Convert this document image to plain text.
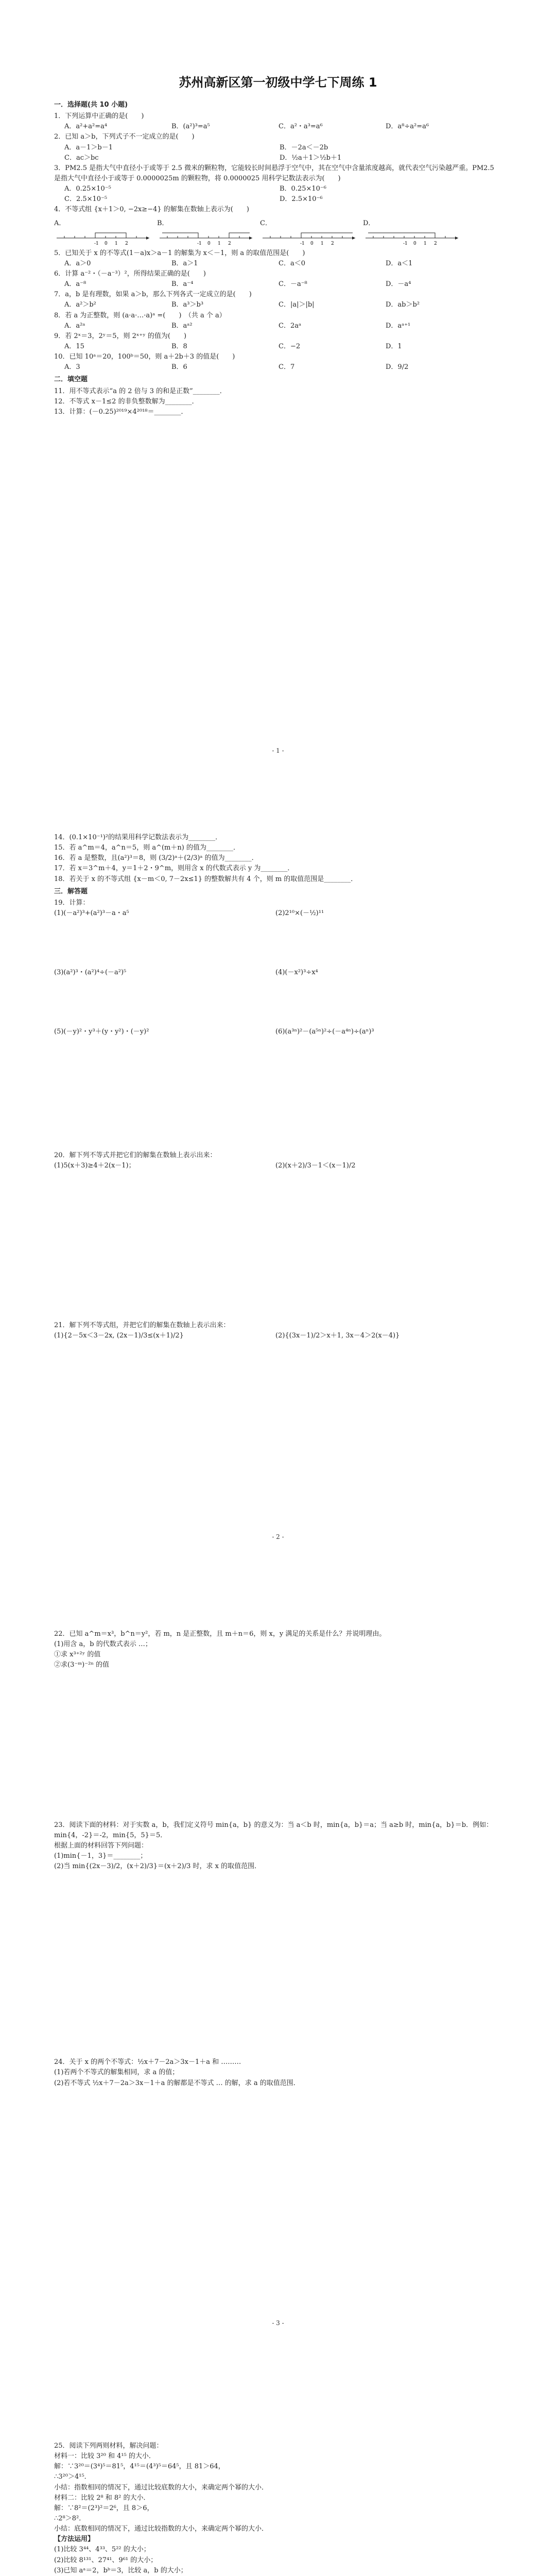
苏州高新区第一初级中学七下周练 1
一．选择题(共 10 小题)

1．下列运算中正确的是(　　)

A．a²+a²=a⁴	B．(a²)³=a⁵	C．a²・a³=a⁶	D．a⁸÷a²=a⁶

2．已知 a＞b，下列式子不一定成立的是(　　)

A．a－1＞b－1	B．－2a＜－2b
C．ac＞bc	D．½a＋1＞½b＋1

3．PM2.5 是指大气中直径小于或等于 2.5 微米的颗粒物，它能较长时间悬浮于空气中，其在空气中含量浓度越高，就代表空气污染越严重。PM2.5 是指大气中直径小于或等于 0.0000025m 的颗粒物，将 0.0000025 用科学记数法表示为(　　)

A．0.25×10⁻⁵	B．0.25×10⁻⁶
C．2.5×10⁻⁵	D．2.5×10⁻⁶

4．不等式组 {x＋1＞0, −2x≥−4} 的解集在数轴上表示为(　　)

A．
-1 0 1 2
B．
-1 0 1 2
C．
-1 0 1 2
D．
-1 0 1 2

5．已知关于 x 的不等式(1－a)x＞a－1 的解集为 x＜－1，则 a 的取值范围是(　　)

A．a＞0	B．a＞1	C．a＜0	D．a＜1

6．计算 a⁻²・（－a⁻³）²，所得结果正确的是(　　)

A．a⁻⁸	B．a⁻⁴	C．－a⁻⁸	D．－a⁴

7．a，b 是有理数，如果 a＞b，那么下列各式一定成立的是(　　)

A．a²＞b²	B．a³＞b³	C．|a|＞|b|	D．ab＞b²

8．若 a 为正整数，则 (a·a·…·a)ᵃ =(　　)　（共 a 个 a）

A．a²ᵃ	B．aᵃ²	C．2aᵃ	D．aᵃ⁺¹

9．若 2ˣ＝3，2ʸ＝5，则 2ˣ⁺ʸ 的值为(　　)

A．15	B．8	C．−2	D．1

10．已知 10ᵃ＝20，100ᵇ＝50，则 a＋2b＋3 的值是(　　)

A．3	B．6	C．7	D．9/2
二．填空题

11．用不等式表示“a 的 2 倍与 3 的和是正数”________．

12．不等式 x－1≤2 的非负整数解为________．

13．计算：(－0.25)²⁰¹⁹×4²⁰¹⁸＝________．

- 1 -

14．(0.1×10⁻¹)²的结果用科学记数法表示为________．

15．若 a^m＝4，a^n＝5，则 a^(m＋n) 的值为________．

16．若 a 是整数，且(a²)³＝8，则 (3/2)ᵃ＋(2/3)ᵃ 的值为________．

17．若 x＝3^m＋4，y＝1＋2・9^m，则用含 x 的代数式表示 y 为________．

18．若关于 x 的不等式组 {x－m＜0, 7－2x≤1} 的整数解共有 4 个，则 m 的取值范围是________．

三．解答题

19．计算：

(1)(－a²)³+(a²)³－a・a⁵	(2)2¹⁰×(－½)¹¹
(3)(a²)³・(a²)⁴÷(－a²)⁵	(4)(－x²)³÷x⁴
(5)(－y)²・y³＋(y・y²)・(－y)²	(6)(a³ⁿ)²－(a⁵ⁿ)²÷(－a⁴ⁿ)÷(aⁿ)³

20．解下列不等式并把它们的解集在数轴上表示出来：

(1)5(x＋3)≥4＋2(x－1)；	(2)(x＋2)/3－1＜(x－1)/2

21．解下列不等式组，并把它们的解集在数轴上表示出来：

(1){2－5x＜3－2x, (2x－1)/3≤(x＋1)/2}	(2){(3x－1)/2＞x＋1, 3x－4＞2(x－4)}
- 2 -

22．已知 a^m＝x³，b^n＝y²，若 m，n 是正整数，且 m＋n＝6，则 x，y 满足的关系是什么？并说明理由。

(1)用含 a，b 的代数式表示 …；

①求 x³⁺²ʸ 的值

②求(3⁻ᵐ)⁻²ⁿ 的值

23．阅读下面的材料：对于实数 a，b，我们定义符号 min{a，b} 的意义为：当 a＜b 时，min{a，b}＝a；当 a≥b 时，min{a，b}＝b．例如：min{4，-2}＝-2，min{5，5}＝5．

根据上面的材料回答下列问题：

(1)min{－1，3}＝________；

(2)当 min{(2x－3)/2，(x＋2)/3}＝(x＋2)/3 时，求 x 的取值范围．

24．关于 x 的两个不等式：½x＋7－2a＞3x－1＋a 和 ………

(1)若两个不等式的解集相同，求 a 的值；

(2)若不等式 ½x＋7－2a＞3x－1＋a 的解都是不等式 … 的解，求 a 的取值范围．

- 3 -

25．阅读下列两则材料，解决问题：

材料一：比较 3²⁰ 和 4¹⁵ 的大小．

解：∵3²⁰＝(3⁴)⁵＝81⁵，4¹⁵＝(4³)⁵＝64⁵，且 81＞64，

∴3²⁰＞4¹⁵．

小结：指数相同的情况下，通过比较底数的大小，来确定两个幂的大小．

材料二：比较 2⁸ 和 8² 的大小．

解：∵8²＝(2³)²＝2⁶，且 8＞6，

∴2⁸＞8²．

小结：底数相同的情况下，通过比较指数的大小，来确定两个幂的大小．

【方法运用】

(1)比较 3⁴⁴、4³³、5²² 的大小；

(2)比较 8¹³¹、27⁴¹、9⁶¹ 的大小；

(3)已知 aᵃ＝2，bᵇ＝3，比较 a，b 的大小；
